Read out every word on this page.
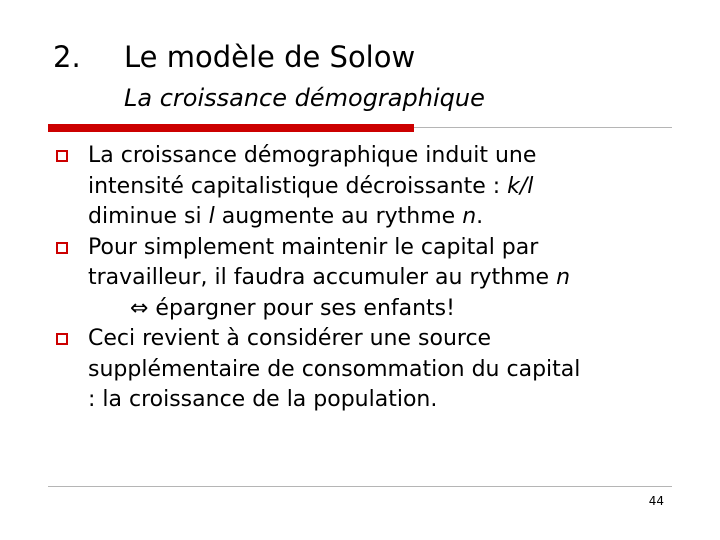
2. Le modèle de Solow
La croissance démographique
La croissance démographique induit une
intensité capitalistique décroissante : k/l
diminue si l augmente au rythme n.
Pour simplement maintenir le capital par
travailleur, il faudra accumuler au rythme n
⇔ épargner pour ses enfants!
Ceci revient à considérer une source
supplémentaire de consommation du capital
: la croissance de la population.
44
